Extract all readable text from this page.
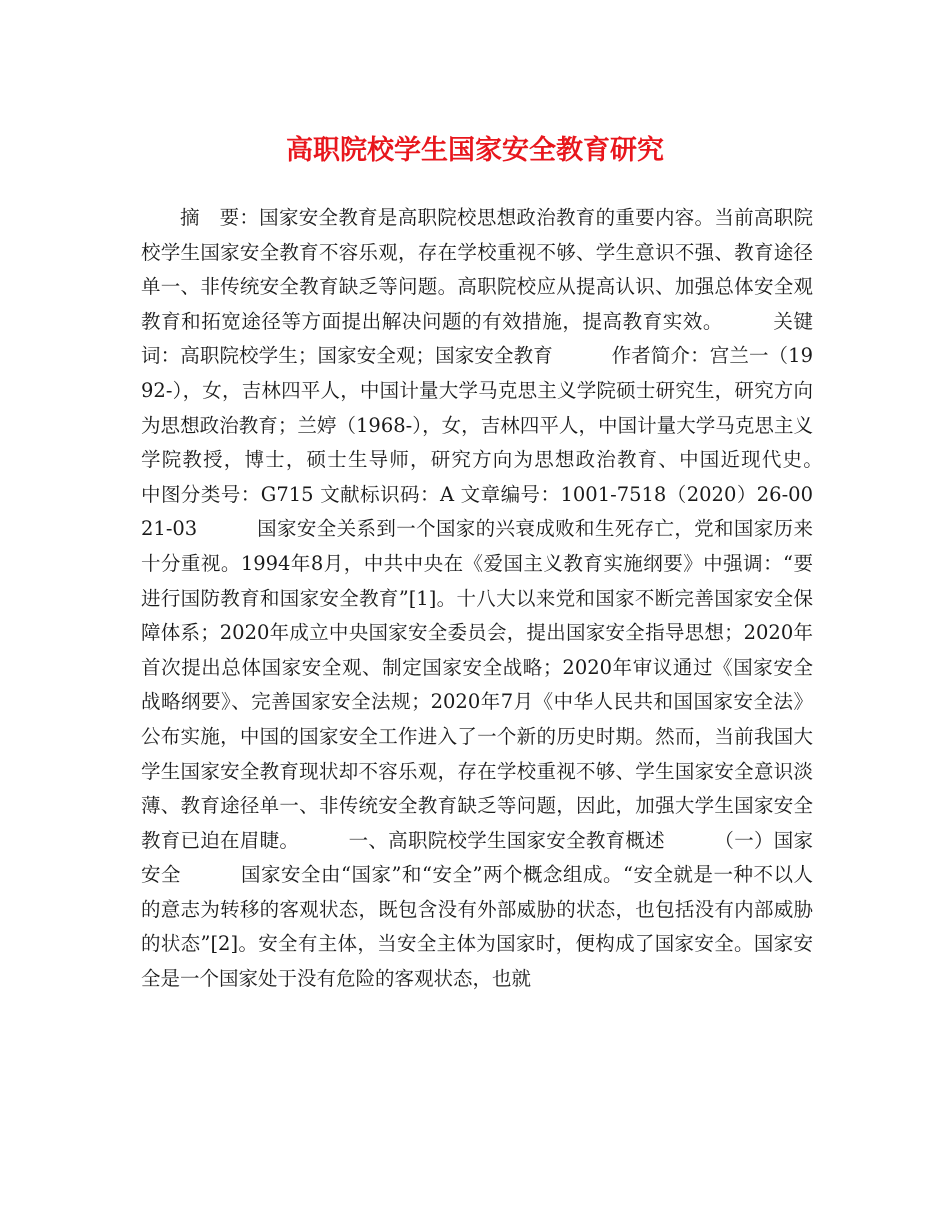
高职院校学生国家安全教育研究

摘　要：国家安全教育是高职院校思想政治教育的重要内容。当前高职院校学生国家安全教育不容乐观，存在学校重视不够、学生意识不强、教育途径单一、非传统安全教育缺乏等问题。高职院校应从提高认识、加强总体安全观教育和拓宽途径等方面提出解决问题的有效措施，提高教育实效。　　　关键词：高职院校学生；国家安全观；国家安全教育　　　作者简介：宫兰一（1992-），女，吉林四平人，中国计量大学马克思主义学院硕士研究生，研究方向为思想政治教育；兰婷（1968-），女，吉林四平人，中国计量大学马克思主义学院教授，博士，硕士生导师，研究方向为思想政治教育、中国近现代史。　　　中图分类号：G715 文献标识码：A 文章编号：1001-7518（2020）26-0021-03　　　国家安全关系到一个国家的兴衰成败和生死存亡，党和国家历来十分重视。1994年8月，中共中央在《爱国主义教育实施纲要》中强调：“要进行国防教育和国家安全教育”[1]。十八大以来党和国家不断完善国家安全保障体系；2020年成立中央国家安全委员会，提出国家安全指导思想；2020年首次提出总体国家安全观、制定国家安全战略；2020年审议通过《国家安全战略纲要》、完善国家安全法规；2020年7月《中华人民共和国国家安全法》公布实施，中国的国家安全工作进入了一个新的历史时期。然而，当前我国大学生国家安全教育现状却不容乐观，存在学校重视不够、学生国家安全意识淡薄、教育途径单一、非传统安全教育缺乏等问题，因此，加强大学生国家安全教育已迫在眉睫。　　　一、高职院校学生国家安全教育概述　　　（一）国家安全　　　国家安全由“国家”和“安全”两个概念组成。“安全就是一种不以人的意志为转移的客观状态，既包含没有外部威胁的状态，也包括没有内部威胁的状态”[2]。安全有主体，当安全主体为国家时，便构成了国家安全。国家安全是一个国家处于没有危险的客观状态，也就
